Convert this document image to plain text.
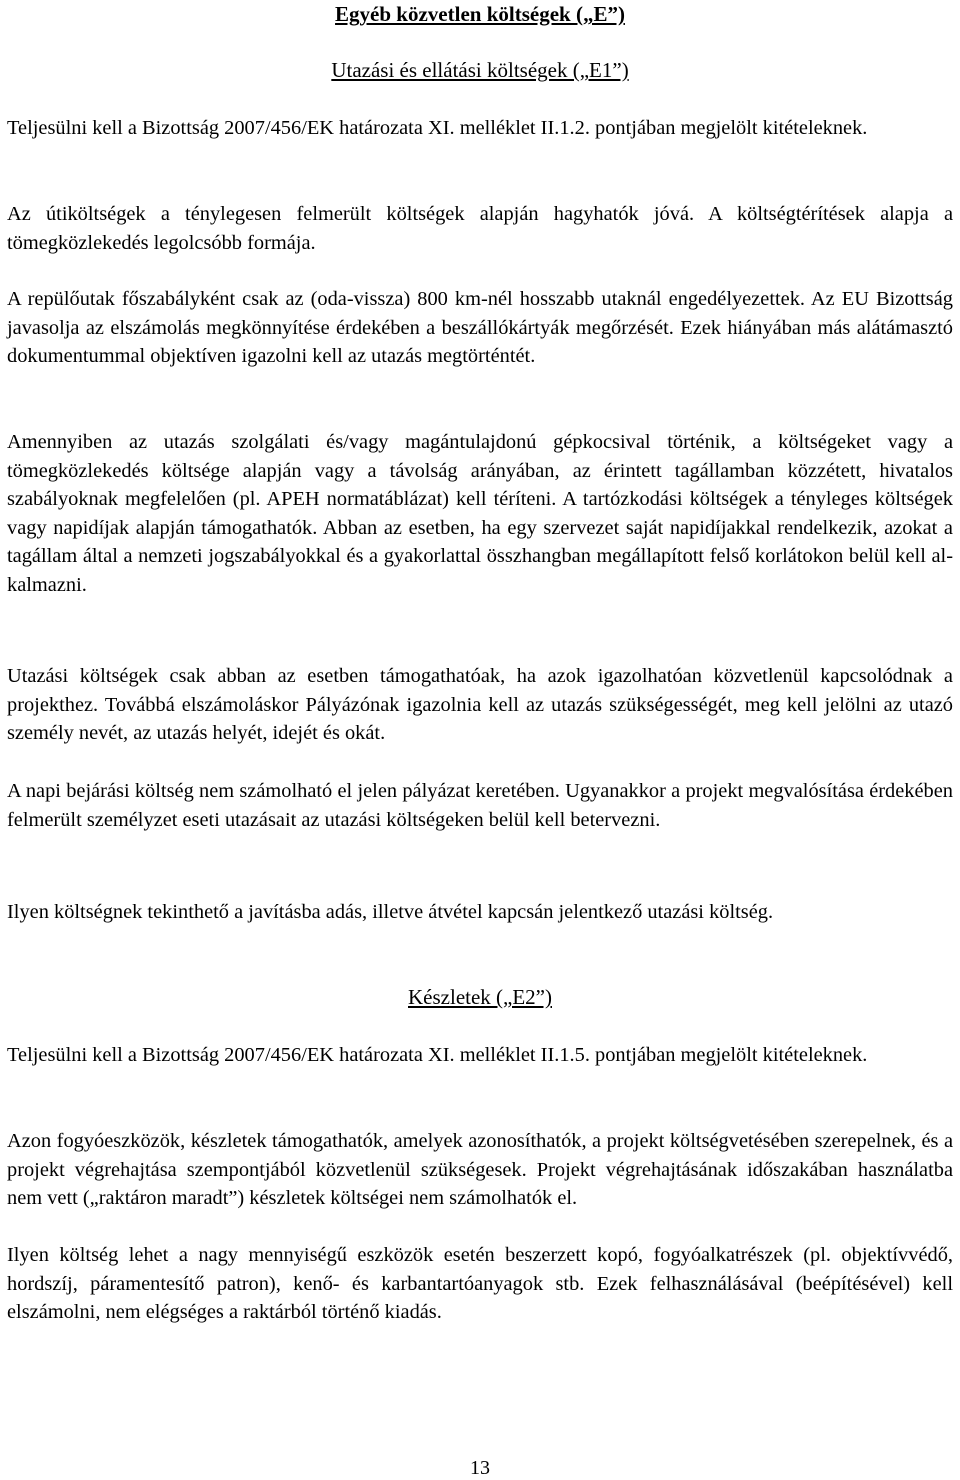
Egyéb közvetlen költségek („E”)
Utazási és ellátási költségek („E1”)

Teljesülni kell a Bizottság 2007/456/EK határozata XI. melléklet II.1.2. pontjában megjelölt kitételeknek.

Az útiköltségek a ténylegesen felmerült költségek alapján hagyhatók jóvá. A költségtérítések alapja a tömegközlekedés legolcsóbb formája.

A repülőutak főszabályként csak az (oda-vissza) 800 km-nél hosszabb utaknál engedélyezettek. Az EU Bizottság javasolja az elszámolás megkönnyítése érdekében a beszállókártyák megőrzését. Ezek hiányában más alátámasztó dokumentummal objektíven igazolni kell az utazás megtörténtét.

Amennyiben az utazás szolgálati és/vagy magántulajdonú gépkocsival történik, a költségeket vagy a tömegközlekedés költsége alapján vagy a távolság arányában, az érintett tagállamban közzétett, hivatalos szabályoknak megfelelően (pl. APEH normatáblázat) kell téríteni. A tartózkodási költségek a tényleges költségek vagy napidíjak alapján támogathatók. Abban az esetben, ha egy szervezet saját napidíjakkal rendelkezik, azokat a tagállam által a nemzeti jogszabályokkal és a gyakorlattal összhangban megállapított felső korlátokon belül kell alkalmazni.

Utazási költségek csak abban az esetben támogathatóak, ha azok igazolhatóan közvetlenül kapcsolódnak a projekthez. Továbbá elszámoláskor Pályázónak igazolnia kell az utazás szükségességét, meg kell jelölni az utazó személy nevét, az utazás helyét, idejét és okát.

A napi bejárási költség nem számolható el jelen pályázat keretében. Ugyanakkor a projekt megvalósítása érdekében felmerült személyzet eseti utazásait az utazási költségeken belül kell betervezni.

Ilyen költségnek tekinthető a javításba adás, illetve átvétel kapcsán jelentkező utazási költség.

Készletek („E2”)

Teljesülni kell a Bizottság 2007/456/EK határozata XI. melléklet II.1.5. pontjában megjelölt kitételeknek.

Azon fogyóeszközök, készletek támogathatók, amelyek azonosíthatók, a projekt költségvetésében szerepelnek, és a projekt végrehajtása szempontjából közvetlenül szükségesek. Projekt végrehajtásának időszakában használatba nem vett („raktáron maradt”) készletek költségei nem számolhatók el.

Ilyen költség lehet a nagy mennyiségű eszközök esetén beszerzett kopó, fogyóalkatrészek (pl. objektívvédő, hordszíj, páramentesítő patron), kenő- és karbantartóanyagok stb. Ezek felhasználásával (beépítésével) kell elszámolni, nem elégséges a raktárból történő kiadás.

13
